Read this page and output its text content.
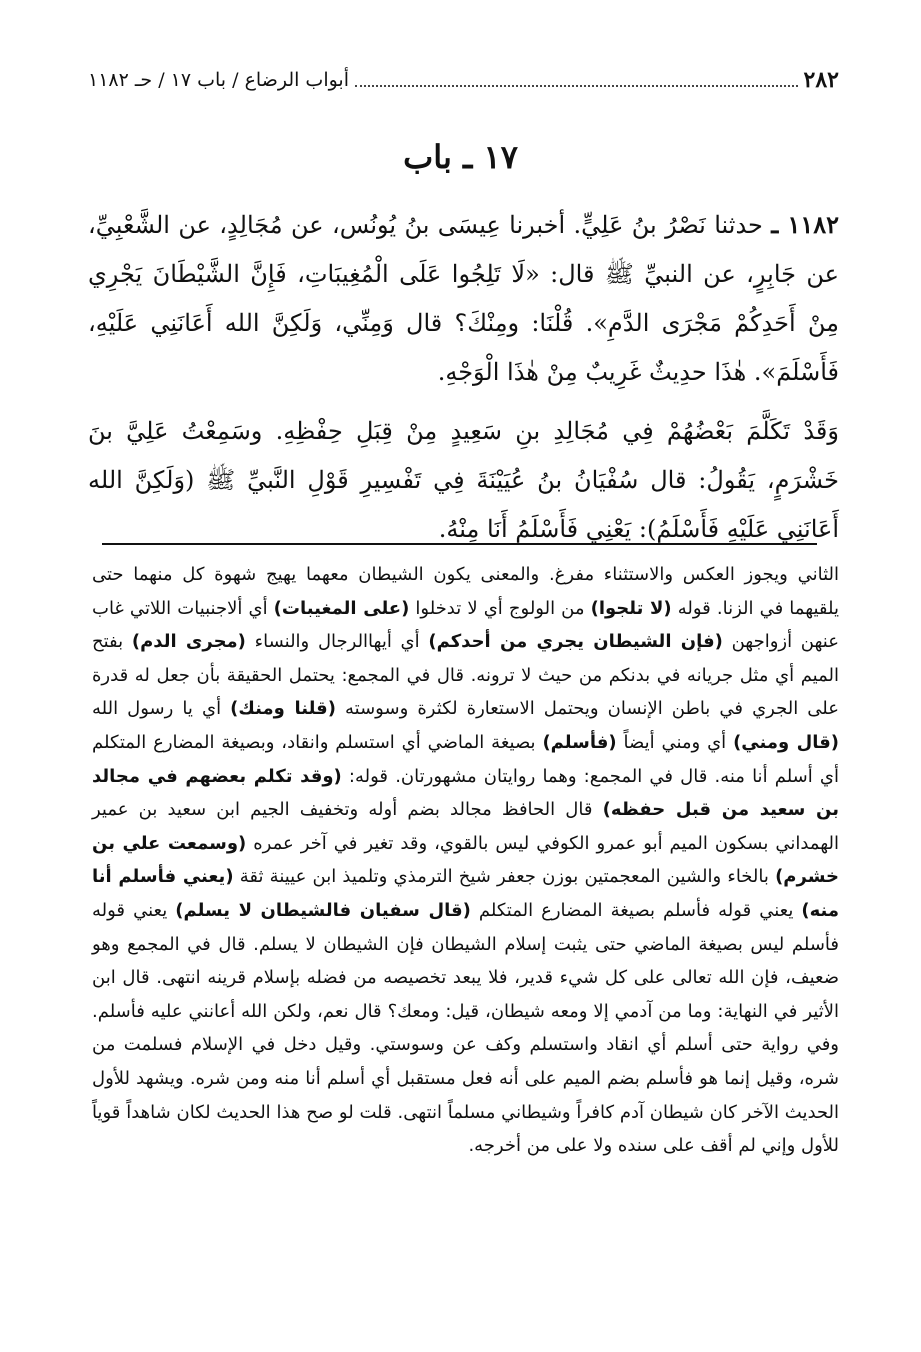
٢٨٢
أبواب الرضاع / باب ١٧ / حـ ١١٨٢
١٧ ـ باب

١١٨٢ ـ حدثنا نَصْرُ بنُ عَلِيٍّ. أخبرنا عِيسَى بنُ يُونُس، عن مُجَالِدٍ، عن الشَّعْبِيِّ، عن جَابِرٍ، عن النبيِّ ﷺ قال: «لَا تَلِجُوا عَلَى الْمُغِيبَاتِ، فَإِنَّ الشَّيْطَانَ يَجْرِي مِنْ أَحَدِكُمْ مَجْرَى الدَّمِ». قُلْنَا: ومِنْكَ؟ قال وَمِنِّي، وَلَكِنَّ الله أَعَانَنِي عَلَيْهِ، فَأَسْلَمَ». هٰذَا حدِيثٌ غَرِيبٌ مِنْ هٰذَا الْوَجْهِ.

وَقَدْ تَكَلَّمَ بَعْضُهُمْ فِي مُجَالِدِ بنِ سَعِيدٍ مِنْ قِبَلِ حِفْظِهِ. وسَمِعْتُ عَلِيَّ بنَ خَشْرَمٍ، يَقُولُ: قال سُفْيَانُ بنُ عُيَيْنَةَ فِي تَفْسِيرِ قَوْلِ النَّبيِّ ﷺ (وَلَكِنَّ الله أَعَانَنِي عَلَيْهِ فَأَسْلَمُ): يَعْنِي فَأَسْلَمُ أَنَا مِنْهُ.

الثاني ويجوز العكس والاستثناء مفرغ. والمعنى يكون الشيطان معهما يهيج شهوة كل منهما حتى يلقيهما في الزنا. قوله (لا تلجوا) من الولوج أي لا تدخلوا (على المغيبات) أي ألاجنبيات اللاتي غاب عنهن أزواجهن (فإن الشيطان يجري من أحدكم) أي أيهاالرجال والنساء (مجرى الدم) بفتح الميم أي مثل جريانه في بدنكم من حيث لا ترونه. قال في المجمع: يحتمل الحقيقة بأن جعل له قدرة على الجري في باطن الإنسان ويحتمل الاستعارة لكثرة وسوسته (قلنا ومنك) أي يا رسول الله (قال ومني) أي ومني أيضاً (فأسلم) بصيغة الماضي أي استسلم وانقاد، وبصيغة المضارع المتكلم أي أسلم أنا منه. قال في المجمع: وهما روايتان مشهورتان. قوله: (وقد تكلم بعضهم في مجالد بن سعيد من قبل حفظه) قال الحافظ مجالد بضم أوله وتخفيف الجيم ابن سعيد بن عمير الهمداني بسكون الميم أبو عمرو الكوفي ليس بالقوي، وقد تغير في آخر عمره (وسمعت علي بن خشرم) بالخاء والشين المعجمتين بوزن جعفر شيخ الترمذي وتلميذ ابن عيينة ثقة (يعني فأسلم أنا منه) يعني قوله فأسلم بصيغة المضارع المتكلم (قال سفيان فالشيطان لا يسلم) يعني قوله فأسلم ليس بصيغة الماضي حتى يثبت إسلام الشيطان فإن الشيطان لا يسلم. قال في المجمع وهو ضعيف، فإن الله تعالى على كل شيء قدير، فلا يبعد تخصيصه من فضله بإسلام قرينه انتهى. قال ابن الأثير في النهاية: وما من آدمي إلا ومعه شيطان، قيل: ومعك؟ قال نعم، ولكن الله أعانني عليه فأسلم. وفي رواية حتى أسلم أي انقاد واستسلم وكف عن وسوستي. وقيل دخل في الإسلام فسلمت من شره، وقيل إنما هو فأسلم بضم الميم على أنه فعل مستقبل أي أسلم أنا منه ومن شره. ويشهد للأول الحديث الآخر كان شيطان آدم كافراً وشيطاني مسلماً انتهى. قلت لو صح هذا الحديث لكان شاهداً قوياً للأول وإني لم أقف على سنده ولا على من أخرجه.
